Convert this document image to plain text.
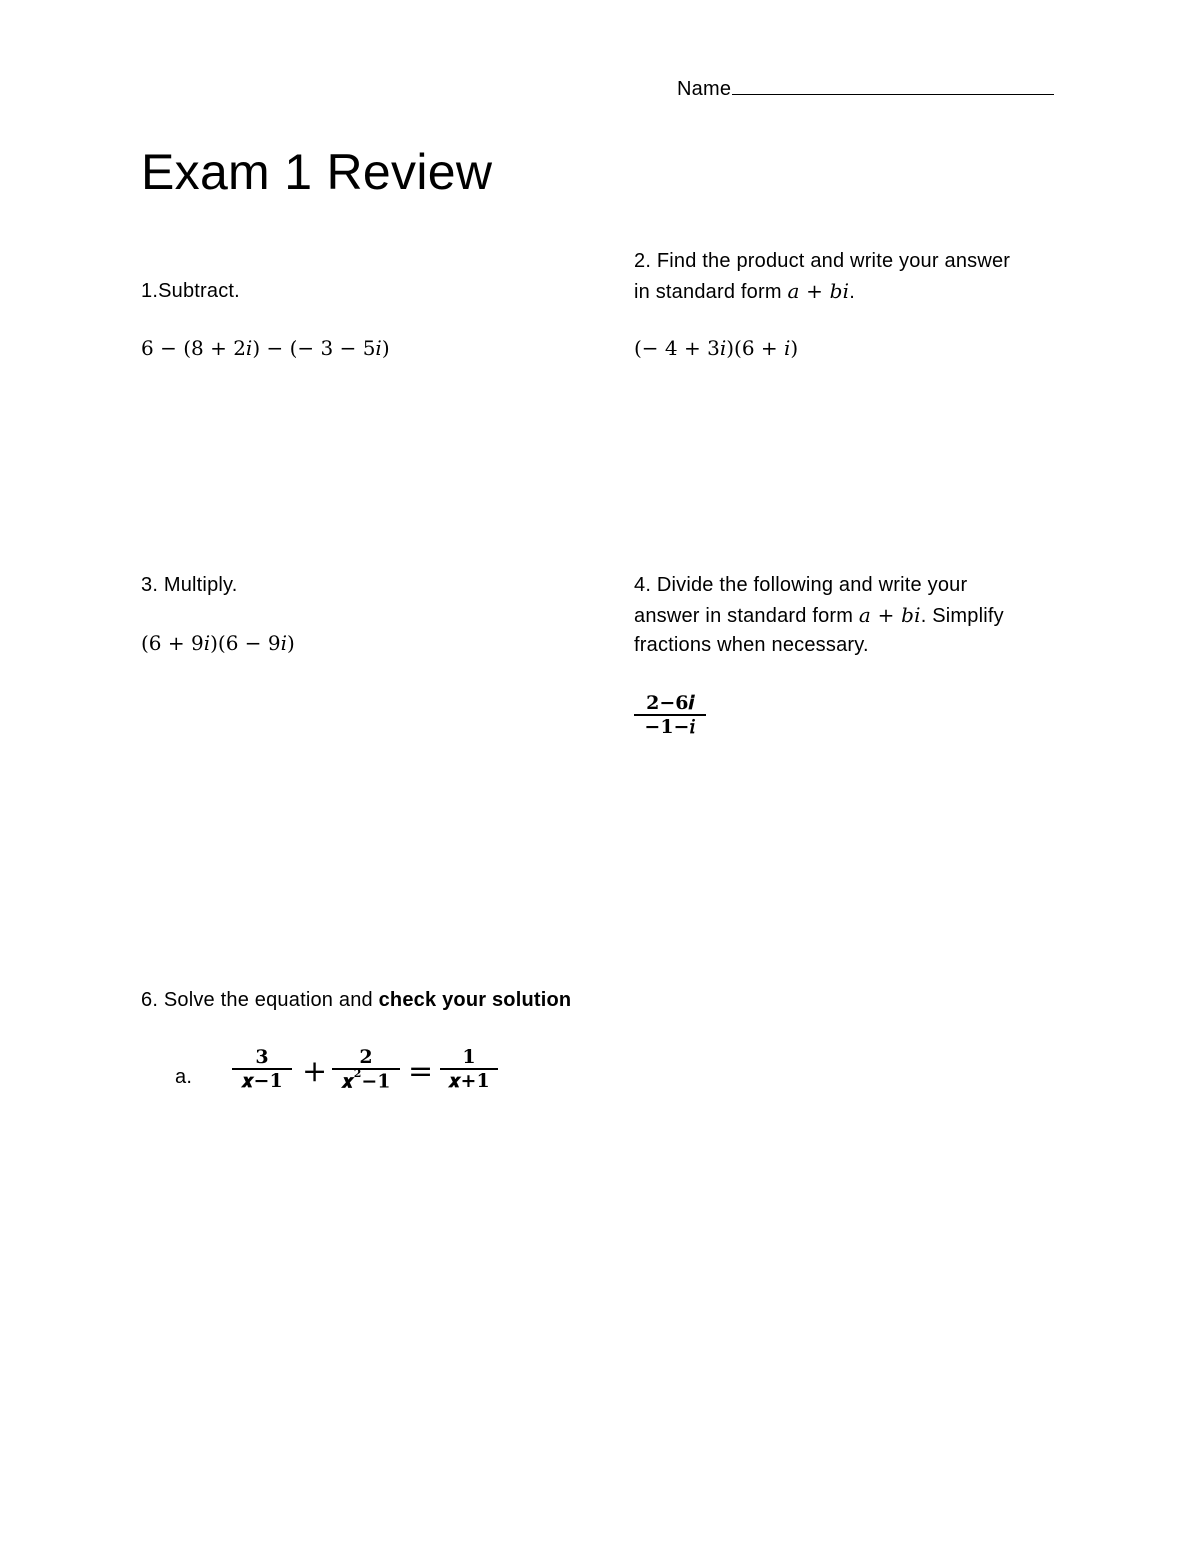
Name
Exam 1 Review
1.Subtract.
6 − (8 + 2𝑖) − (− 3 − 5𝑖)
2. Find the product and write your answer
in standard form 𝑎 + 𝑏𝑖.
(− 4 + 3𝑖)(6 + 𝑖)
3. Multiply.
(6 + 9𝑖)(6 − 9𝑖)
4. Divide the following and write your
answer in standard form 𝑎 + 𝑏𝑖. Simplify
fractions when necessary.
2−6𝒊
−1−𝑖
6. Solve the equation and check your solution
a.
3
𝒙−1 + 2
𝒙$^2$−1 = 1
𝒙+1
